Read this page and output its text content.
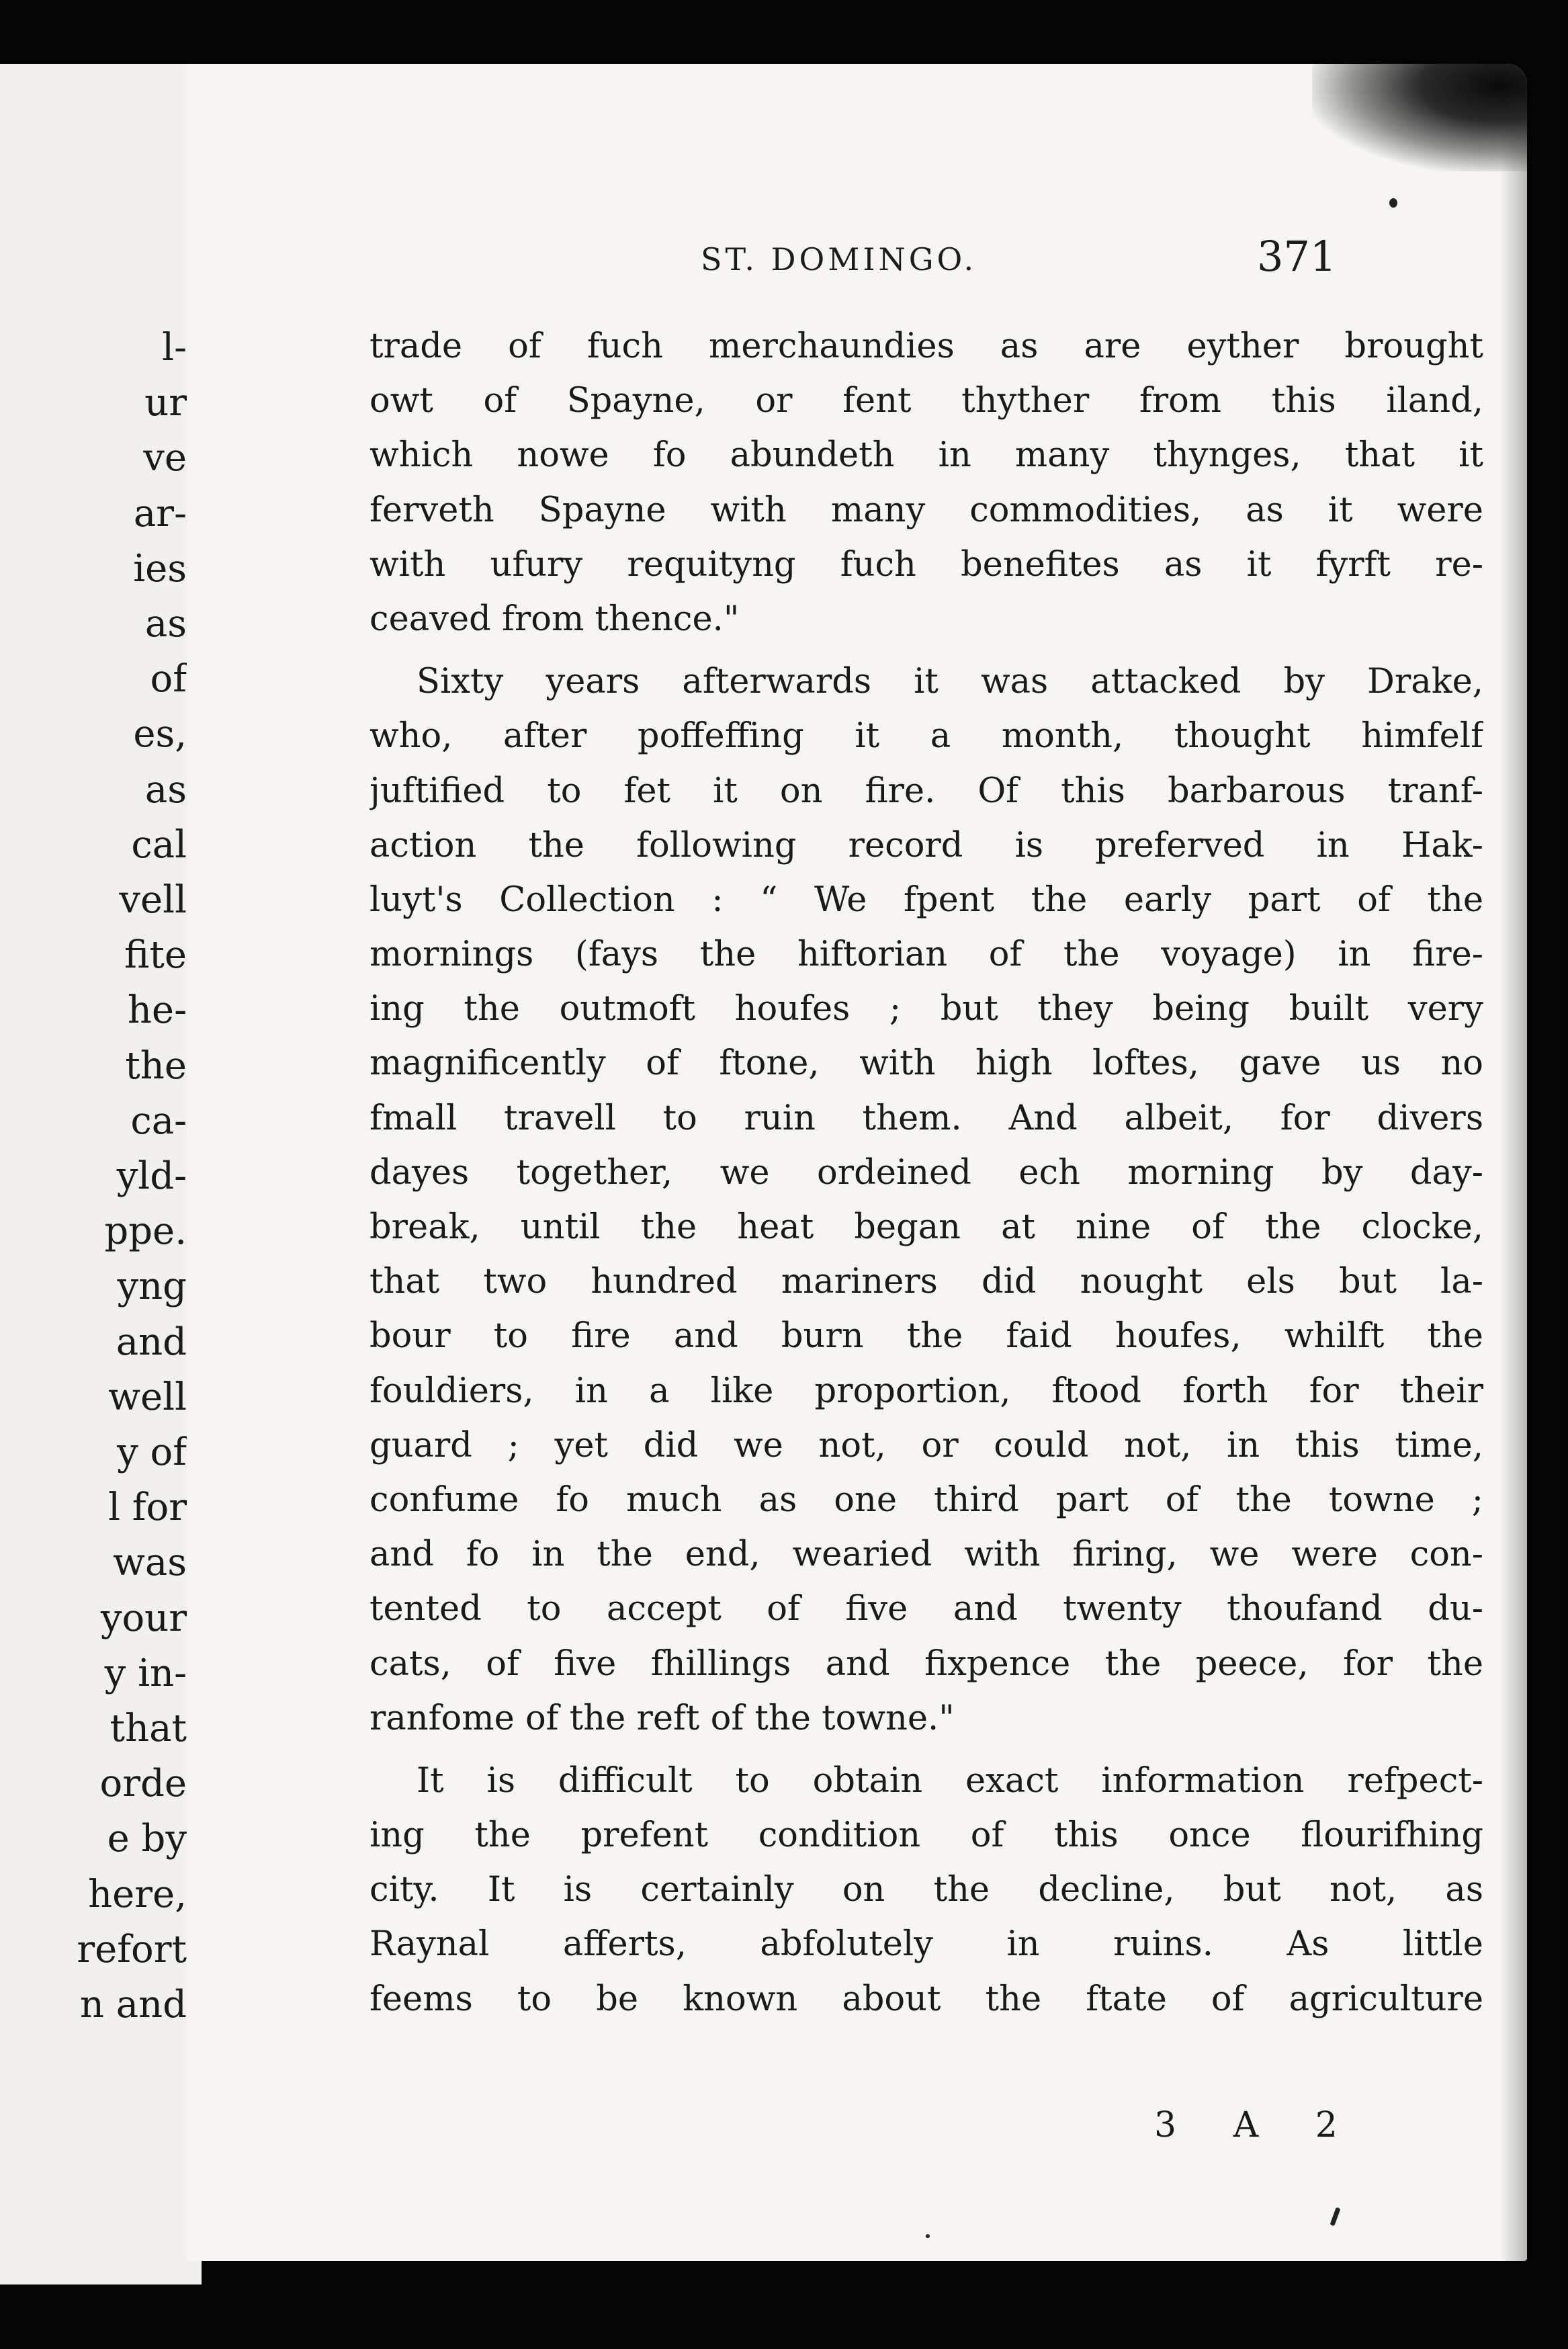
l-
ur
ve
ar-
ies
as
of
es,
as
cal
vell
fite
he-
the
ca-
yld-
ppe.
yng
and
well
y of
l for
was
your
y in-
that
orde
e by
here,
refort
n and
ST. DOMINGO.	371
trade of fuch merchaundies as are eyther brought
owt of Spayne, or fent thyther from this iland,
which nowe fo abundeth in many thynges, that it
ferveth Spayne with many commodities, as it were
with ufury requityng fuch benefites as it fyrft re-
ceaved from thence."
Sixty years afterwards it was attacked by Drake,
who, after poffeffing it a month, thought himfelf
juftified to fet it on fire. Of this barbarous tranf-
action the following record is preferved in Hak-
luyt's Collection : “ We fpent the early part of the
mornings (fays the hiftorian of the voyage) in fire-
ing the outmoft houfes ; but they being built very
magnificently of ftone, with high loftes, gave us no
fmall travell to ruin them. And albeit, for divers
dayes together, we ordeined ech morning by day-
break, until the heat began at nine of the clocke,
that two hundred mariners did nought els but la-
bour to fire and burn the faid houfes, whilft the
fouldiers, in a like proportion, ftood forth for their
guard ; yet did we not, or could not, in this time,
confume fo much as one third part of the towne ;
and fo in the end, wearied with firing, we were con-
tented to accept of five and twenty thoufand du-
cats, of five fhillings and fixpence the peece, for the
ranfome of the reft of the towne."
It is difficult to obtain exact information refpect-
ing the prefent condition of this once flourifhing
city. It is certainly on the decline, but not, as
Raynal afferts, abfolutely in ruins. As little
feems to be known about the ftate of agriculture
3 A 2
